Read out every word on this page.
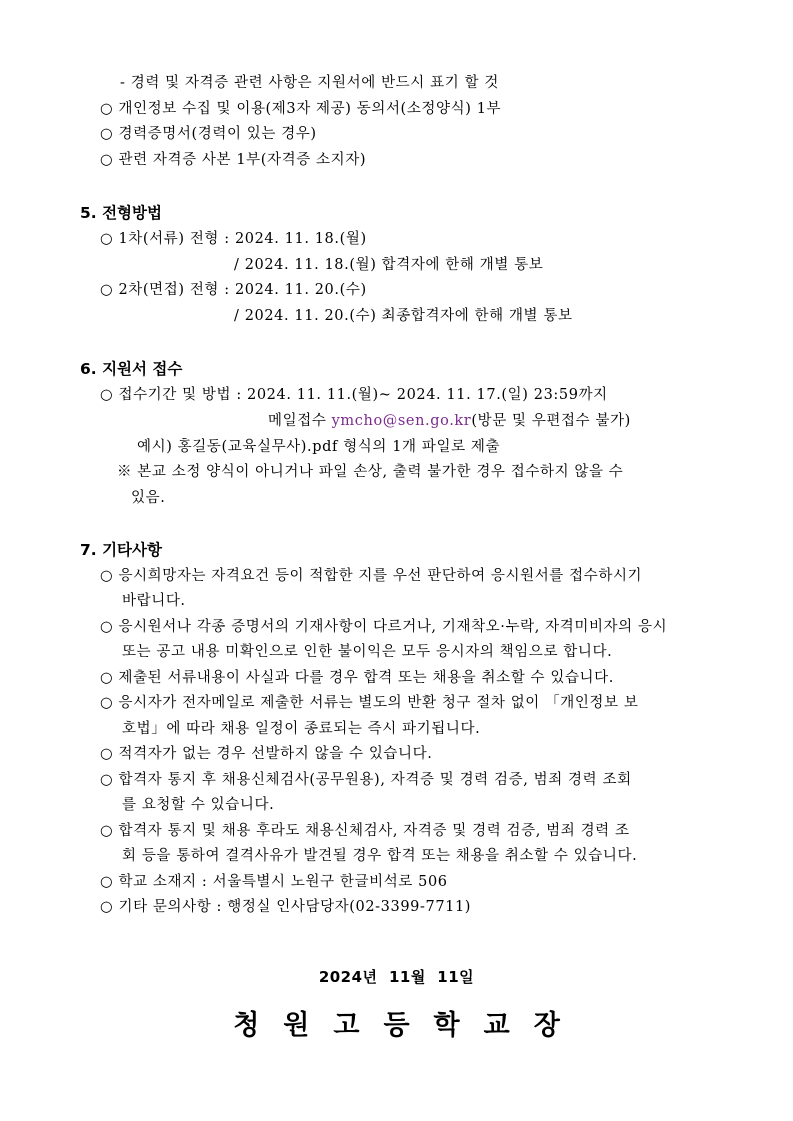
- 경력 및 자격증 관련 사항은 지원서에 반드시 표기 할 것
○ 개인정보 수집 및 이용(제3자 제공) 동의서(소정양식) 1부
○ 경력증명서(경력이 있는 경우)
○ 관련 자격증 사본 1부(자격증 소지자)
5. 전형방법
○ 1차(서류) 전형 : 2024. 11. 18.(월)
/ 2024. 11. 18.(월) 합격자에 한해 개별 통보
○ 2차(면접) 전형 : 2024. 11. 20.(수)
/ 2024. 11. 20.(수) 최종합격자에 한해 개별 통보
6. 지원서 접수
○ 접수기간 및 방법 : 2024. 11. 11.(월)~ 2024. 11. 17.(일) 23:59까지
메일접수 ymcho@sen.go.kr(방문 및 우편접수 불가)
예시) 홍길동(교육실무사).pdf 형식의 1개 파일로 제출
※ 본교 소정 양식이 아니거나 파일 손상, 출력 불가한 경우 접수하지 않을 수
있음.
7. 기타사항
○ 응시희망자는 자격요건 등이 적합한 지를 우선 판단하여 응시원서를 접수하시기
바랍니다.
○ 응시원서나 각종 증명서의 기재사항이 다르거나, 기재착오·누락, 자격미비자의 응시
또는 공고 내용 미확인으로 인한 불이익은 모두 응시자의 책임으로 합니다.
○ 제출된 서류내용이 사실과 다를 경우 합격 또는 채용을 취소할 수 있습니다.
○ 응시자가 전자메일로 제출한 서류는 별도의 반환 청구 절차 없이 「개인정보 보
호법」에 따라 채용 일정이 종료되는 즉시 파기됩니다.
○ 적격자가 없는 경우 선발하지 않을 수 있습니다.
○ 합격자 통지 후 채용신체검사(공무원용), 자격증 및 경력 검증, 범죄 경력 조회
를 요청할 수 있습니다.
○ 합격자 통지 및 채용 후라도 채용신체검사, 자격증 및 경력 검증, 범죄 경력 조
회 등을 통하여 결격사유가 발견될 경우 합격 또는 채용을 취소할 수 있습니다.
○ 학교 소재지 : 서울특별시 노원구 한글비석로 506
○ 기타 문의사항 : 행정실 인사담당자(02-3399-7711)
2024년  11월  11일
청원고등학교장
